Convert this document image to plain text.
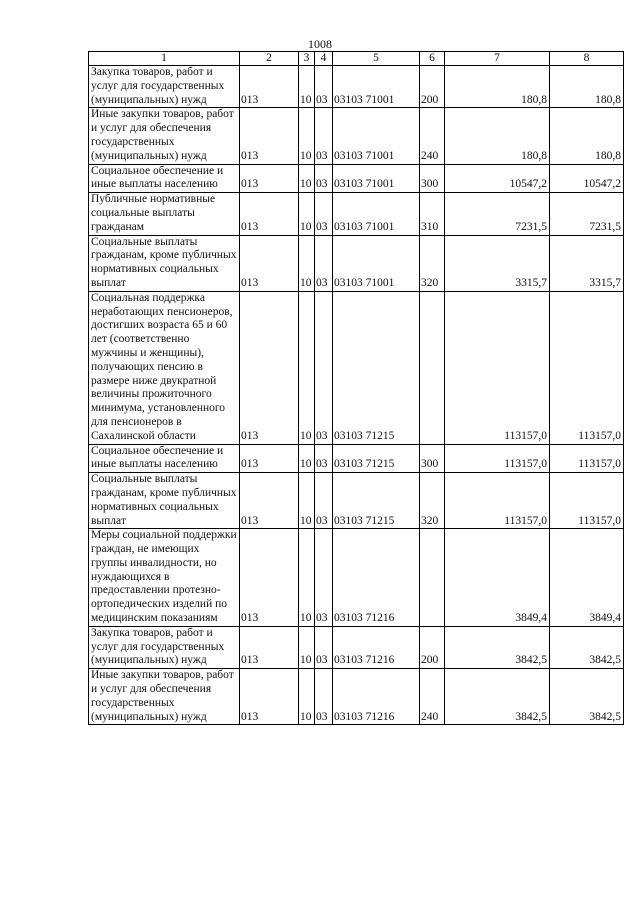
1008
1	2	3	4	5	6	7	8
Закупка товаров, работ и услуг для государственных (муниципальных) нужд	013	10	03	03103 71001	200	180,8	180,8
Иные закупки товаров, работ и услуг для обеспечения государственных (муниципальных) нужд	013	10	03	03103 71001	240	180,8	180,8
Социальное обеспечение и иные выплаты населению	013	10	03	03103 71001	300	10547,2	10547,2
Публичные нормативные социальные выплаты гражданам	013	10	03	03103 71001	310	7231,5	7231,5
Социальные выплаты гражданам, кроме публичных нормативных социальных выплат	013	10	03	03103 71001	320	3315,7	3315,7
Социальная поддержка неработающих пенсионеров, достигших возраста 65 и 60 лет (соответственно мужчины и женщины), получающих пенсию в размере ниже двукратной величины прожиточного минимума, установленного для пенсионеров в Сахалинской области	013	10	03	03103 71215		113157,0	113157,0
Социальное обеспечение и иные выплаты населению	013	10	03	03103 71215	300	113157,0	113157,0
Социальные выплаты гражданам, кроме публичных нормативных социальных выплат	013	10	03	03103 71215	320	113157,0	113157,0
Меры социальной поддержки граждан, не имеющих группы инвалидности, но нуждающихся в предоставлении протезно-ортопедических изделий по медицинским показаниям	013	10	03	03103 71216		3849,4	3849,4
Закупка товаров, работ и услуг для государственных (муниципальных) нужд	013	10	03	03103 71216	200	3842,5	3842,5
Иные закупки товаров, работ и услуг для обеспечения государственных (муниципальных) нужд	013	10	03	03103 71216	240	3842,5	3842,5
